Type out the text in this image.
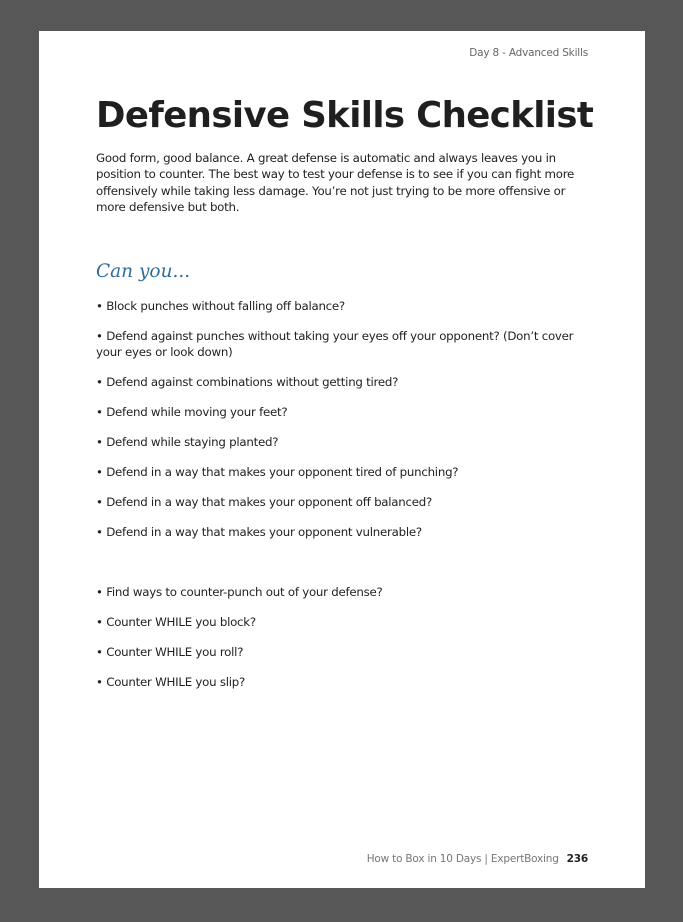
Day 8 - Advanced Skills
Defensive Skills Checklist

Good form, good balance. A great defense is automatic and always leaves you in position to counter. The best way to test your defense is to see if you can fight more offensively while taking less damage. You’re not just trying to be more offensive or more defensive but both.

Can you...
• Block punches without falling off balance?
• Defend against punches without taking your eyes off your opponent? (Don’t cover your eyes or look down)
• Defend against combinations without getting tired?
• Defend while moving your feet?
• Defend while staying planted?
• Defend in a way that makes your opponent tired of punching?
• Defend in a way that makes your opponent off balanced?
• Defend in a way that makes your opponent vulnerable?
• Find ways to counter-punch out of your defense?
• Counter WHILE you block?
• Counter WHILE you roll?
• Counter WHILE you slip?
How to Box in 10 Days | ExpertBoxing 236
